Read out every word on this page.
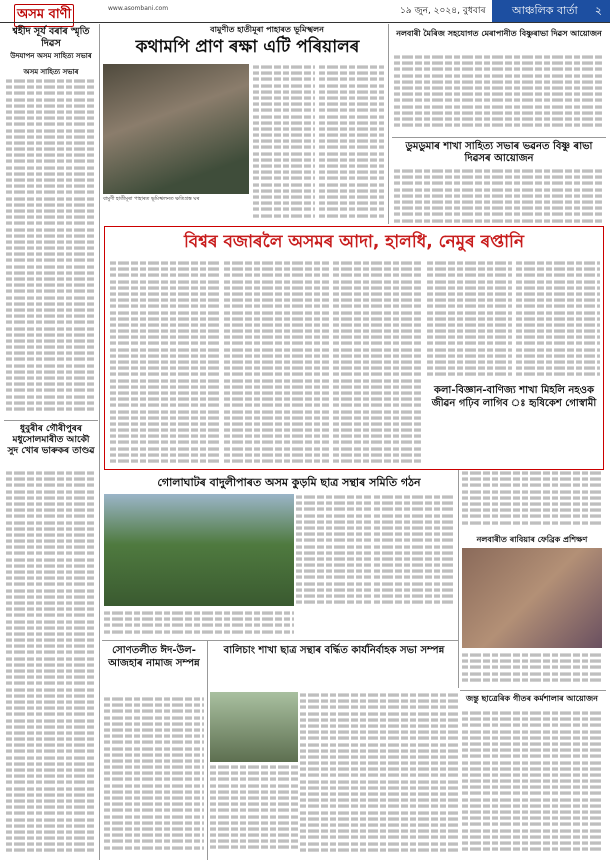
অসম বাণী	www.asombani.com	১৯ জুন, ২০২৪, বুধবাৰ	আঞ্চলিক বাৰ্তা ২
শ্বহীদ সূৰ্য বৰাৰ স্মৃতি দিৱস
উদযাপন অসম সাহিত্য সভাৰ
অসম সাহিত্য সভাৰ
বামুণীত হাতীমূৰা পাহাৰত ভূমিস্খলন
কথামপি প্ৰাণ ৰক্ষা এটি পৰিয়ালৰ
বামুণী হাতীমূৰা পাহাৰত ভূমিস্খলনত ক্ষতিগ্ৰস্ত ঘৰ
নলবাৰী মৈৰিজ সহযোগত মেৰাপানীত বিষ্ণুৰাভা দিৱস আয়োজন
ডুমডুমাৰ শাখা সাহিত্য সভাৰ ভৱনত বিষ্ণু ৰাভা দিৱসৰ আয়োজন
বিশ্বৰ বজাৰলৈ অসমৰ আদা, হালধি, নেমুৰ ৰপ্তানি
কলা-বিজ্ঞান-বাণিজ্য শাখা মিহলি নহওক জীৱন গঢ়িব লাগিব ঃ হৃষিকেশ গোস্বামী
ধুবুৰীৰ গৌৰীপুৰৰ মধুসোলমাৰীত আকৌ সুদ খোৰ ভাৰুকৰ তাণ্ডৱ
গোলাঘাটৰ বাদুলীপাৰত অসম কুড়মি ছাত্ৰ সন্থাৰ সমিতি গঠন
নলবাৰীত ৰাবিয়াৰ ফেব্ৰিক প্ৰশিক্ষণ
সোণতলীত ঈদ-উল-আজহাৰ নামাজ সম্পন্ন
বালিচাং শাখা ছাত্ৰ সন্থাৰ বৰ্দ্ধিত কাৰ্যনিৰ্বাহক সভা সম্পন্ন
জন্তু ছাত্ৰেৰিক গীতৰ কৰ্মশালাৰ আয়োজন
